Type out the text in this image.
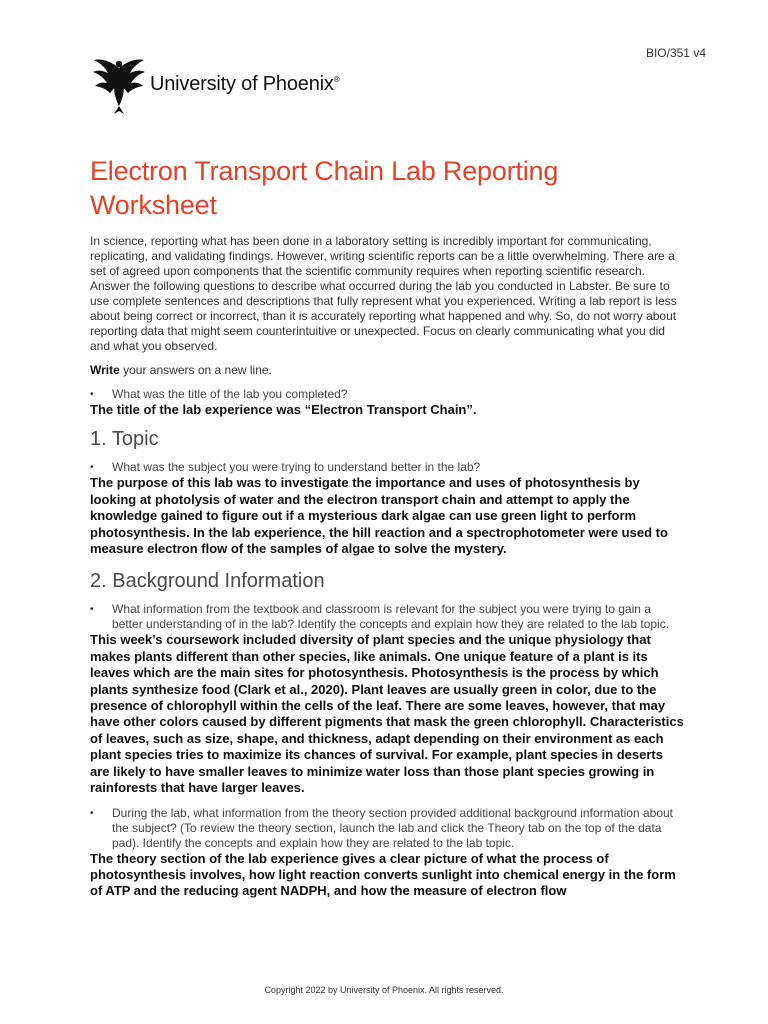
BIO/351 v4
University of Phoenix®
Electron Transport Chain Lab Reporting Worksheet

In science, reporting what has been done in a laboratory setting is incredibly important for communicating, replicating, and validating findings. However, writing scientific reports can be a little overwhelming. There are a set of agreed upon components that the scientific community requires when reporting scientific research. Answer the following questions to describe what occurred during the lab you conducted in Labster. Be sure to use complete sentences and descriptions that fully represent what you experienced. Writing a lab report is less about being correct or incorrect, than it is accurately reporting what happened and why. So, do not worry about reporting data that might seem counterintuitive or unexpected. Focus on clearly communicating what you did and what you observed.

Write your answers on a new line.

• What was the title of the lab you completed?

The title of the lab experience was “Electron Transport Chain”.

1. Topic

• What was the subject you were trying to understand better in the lab?

The purpose of this lab was to investigate the importance and uses of photosynthesis by looking at photolysis of water and the electron transport chain and attempt to apply the knowledge gained to figure out if a mysterious dark algae can use green light to perform photosynthesis. In the lab experience, the hill reaction and a spectrophotometer were used to measure electron flow of the samples of algae to solve the mystery.

2. Background Information

• What information from the textbook and classroom is relevant for the subject you were trying to gain a better understanding of in the lab? Identify the concepts and explain how they are related to the lab topic.

This week’s coursework included diversity of plant species and the unique physiology that makes plants different than other species, like animals. One unique feature of a plant is its leaves which are the main sites for photosynthesis. Photosynthesis is the process by which plants synthesize food (Clark et al., 2020). Plant leaves are usually green in color, due to the presence of chlorophyll within the cells of the leaf. There are some leaves, however, that may have other colors caused by different pigments that mask the green chlorophyll. Characteristics of leaves, such as size, shape, and thickness, adapt depending on their environment as each plant species tries to maximize its chances of survival. For example, plant species in deserts are likely to have smaller leaves to minimize water loss than those plant species growing in rainforests that have larger leaves.

• During the lab, what information from the theory section provided additional background information about the subject? (To review the theory section, launch the lab and click the Theory tab on the top of the data pad). Identify the concepts and explain how they are related to the lab topic.

The theory section of the lab experience gives a clear picture of what the process of photosynthesis involves, how light reaction converts sunlight into chemical energy in the form of ATP and the reducing agent NADPH, and how the measure of electron flow

Copyright 2022 by University of Phoenix. All rights reserved.
